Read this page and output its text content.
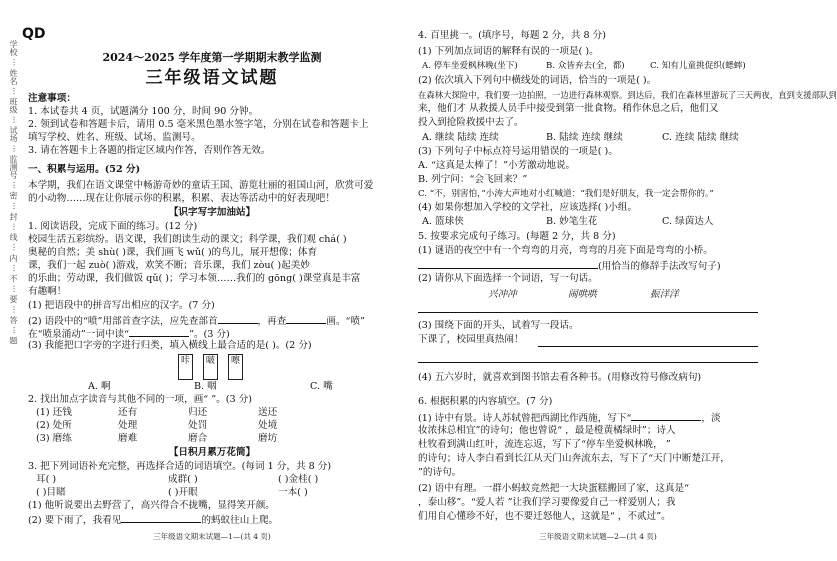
学校 ··· 姓名 ··· 班级 ··· 试场 ··· 监测号 ··· 密 ··· 封 ··· 线 ··· 内 ··· 不 ··· 要 ··· 答 ··· 题
QD
2024～2025 学年度第一学期期末教学监测
三年级语文试题
注意事项：
1. 本试卷共 4 页，试题满分 100 分，时间 90 分钟。
2. 领到试卷和答题卡后，请用 0.5 毫米黑色墨水签字笔，分别在试卷和答题卡上
填写学校、姓名、班级、试场、监测号。
3. 请在答题卡上各题的指定区域内作答，否则作答无效。
一、积累与运用。(52 分)
本学期，我们在语文课堂中畅游奇妙的童话王国、游览壮丽的祖国山河，欣赏可爱
的小动物……现在让你展示你的积累，积累、表达等活动中的好表现吧！
【识字写字加油站】
1. 阅读语段，完成下面的练习。(12 分)
校园生活五彩缤纷。语文课，我们朗读生动的课文；科学课，我们观 chá( )
奥秘的自然；美 shù( )课，我们画飞 wǔ( )的鸟儿，展开想像；体育
课，我们一起 zuò( )游戏，欢笑不断；音乐课，我们 zòu( )起美妙
的乐曲；劳动课，我们做饭 qǔ( )；学习本领……我们的 gōng( )课堂真是丰富
有趣啊！
(1) 把语段中的拼音写出相应的汉字。(7 分)
(2) 语段中的“喷”用部首查字法，应先查部首	，再查	画。“喷”
在“喷泉涌动”一词中读“	”。(3 分)
(3) 我能把口字旁的字进行归类，填入横线上最合适的是( )。(2 分)
咔 啵 嚓
A. 啊	B. 咽	C. 嘴
2. 找出加点字读音与其他不同的一项，画“ ”。(3 分)
(1) 还钱	还有	归还	送还
(2) 处所	处理	处罚	处境
(3) 磨练	磨难	磨合	磨坊
【日积月累万花筒】
3. 把下列词语补充完整，再选择合适的词语填空。(每词 1 分，共 8 分)
耳( )	成群( )	( )金桂( )
( )目睹	( )开眼	一本( )
(1) 他听说要出去野营了，高兴得合不拢嘴，显得笑开颜。
(2) 要下雨了，我看见	的蚂蚁往山上爬。
三年级语文期末试题—1—(共 4 页)
4. 百里挑一。(填序号，每题 2 分，共 8 分)
(1) 下列加点词语的解释有误的一项是( )。
A. 停车坐爱枫林晚(坐下)	B. 众皆弃去(全，都)	C. 知有儿童挑促织(蟋蟀)
(2) 依次填入下列句中横线处的词语，恰当的一项是( )。
在森林大探险中，我们要一边拍照，一边进行森林观察。到达后，我们在森林里游玩了三天两夜，直到支援部队到
来，他们才 从救援人员手中接受到第一批食物。稍作休息之后，他们又
投入到抢险救援中去了。
A. 继续 陆续 连续	B. 陆续 连续 继续	C. 连续 陆续 继续
(3) 下列句子中标点符号运用错误的一项是( )。
A. “这真是太棒了！”小芳激动地说。
B. 列宁问：“会飞回来？”
C. “不，别害怕，”小涛大声地对小红喊道：“我们是好朋友，我一定会帮你的。”
(4) 如果你想加入学校的文学社，应该选择( )小组。
A. 篮球侠	B. 妙笔生花	C. 绿茵达人
5. 按要求完成句子练习。(每题 2 分，共 8 分)
(1) 谜语的夜空中有一个弯弯的月亮，弯弯的月亮下面是弯弯的小桥。
(用恰当的修辞手法改写句子)
(2) 请你从下面选择一个词语，写一句话。
兴冲冲	闹哄哄	振洋洋
(3) 围绕下面的开头，试着写一段话。
下课了，校园里真热闹！
(4) 五六岁时，就喜欢到图书馆去看各种书。(用修改符号修改病句)
6. 根据积累的内容填空。(7 分)
(1) 诗中有景。诗人苏轼曾把西湖比作西施，写下“	，淡
妆浓抹总相宜”的诗句；他也曾说“ ，最是橙黄橘绿时”；诗人
杜牧看到满山红叶，流连忘返，写下了“停车坐爱枫林晚， ”
的诗句；诗人李白看到长江从天门山奔流东去，写下了“天门中断楚江开，
”的诗句。
(2) 语中有理。一群小蚂蚁竞然把一大块蛋糕搬回了家，这真是“
，泰山移”。“爱人若 ”让我们学习要像爱自己一样爱别人；我
们用自心懂珍不好，也不要迁怒他人，这就是“ ，不贰过”。
三年级语文期末试题—2—(共 4 页)
